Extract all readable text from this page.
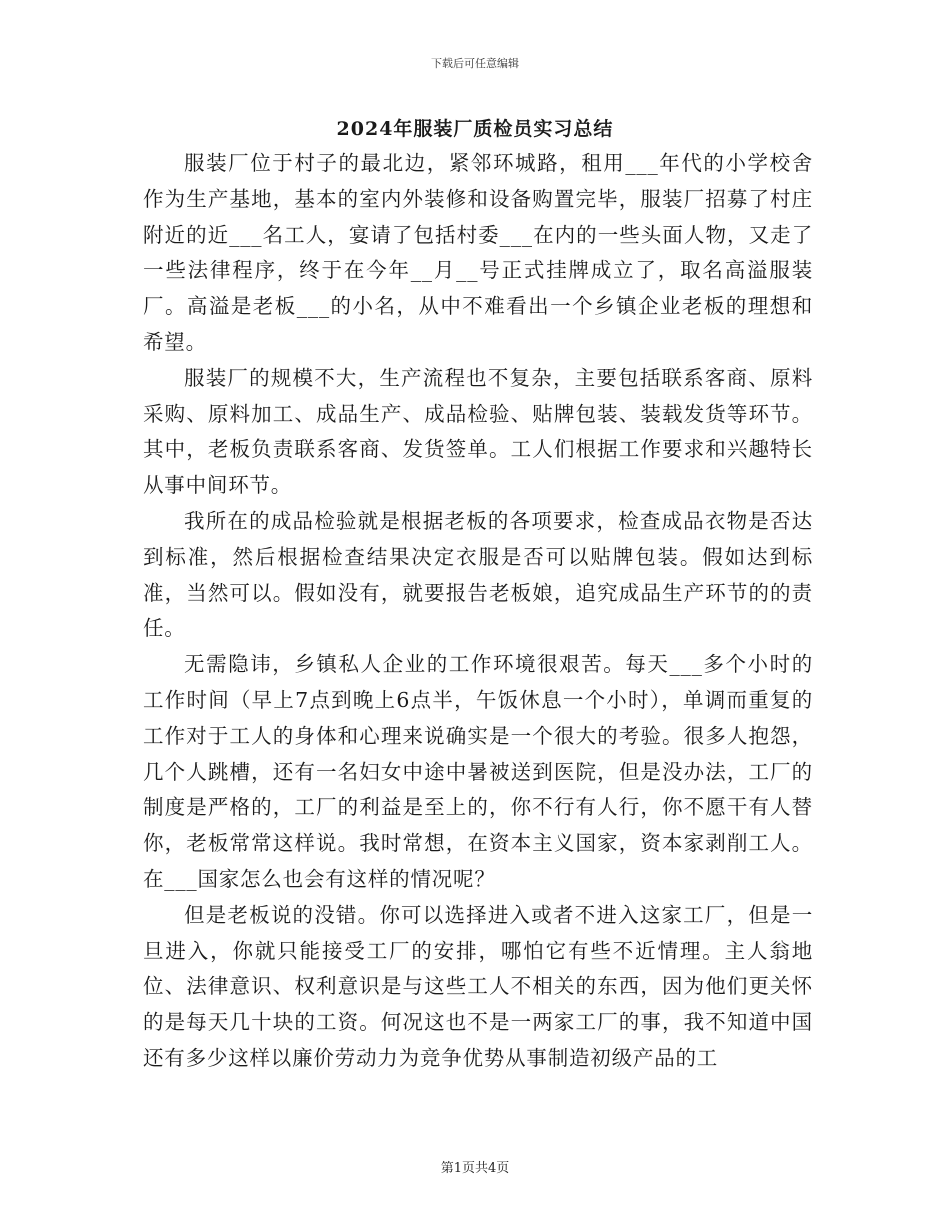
下载后可任意编辑
2024年服装厂质检员实习总结

服装厂位于村子的最北边，紧邻环城路，租用___年代的小学校舍作为生产基地，基本的室内外装修和设备购置完毕，服装厂招募了村庄附近的近___名工人，宴请了包括村委___在内的一些头面人物，又走了一些法律程序，终于在今年__月__号正式挂牌成立了，取名高溢服装厂。高溢是老板___的小名，从中不难看出一个乡镇企业老板的理想和希望。

服装厂的规模不大，生产流程也不复杂，主要包括联系客商、原料采购、原料加工、成品生产、成品检验、贴牌包装、装载发货等环节。其中，老板负责联系客商、发货签单。工人们根据工作要求和兴趣特长从事中间环节。

我所在的成品检验就是根据老板的各项要求，检查成品衣物是否达到标准，然后根据检查结果决定衣服是否可以贴牌包装。假如达到标准，当然可以。假如没有，就要报告老板娘，追究成品生产环节的的责任。

无需隐讳，乡镇私人企业的工作环境很艰苦。每天___多个小时的工作时间（早上7点到晚上6点半，午饭休息一个小时），单调而重复的工作对于工人的身体和心理来说确实是一个很大的考验。很多人抱怨，几个人跳槽，还有一名妇女中途中暑被送到医院，但是没办法，工厂的制度是严格的，工厂的利益是至上的，你不行有人行，你不愿干有人替你，老板常常这样说。我时常想，在资本主义国家，资本家剥削工人。在___国家怎么也会有这样的情况呢？

但是老板说的没错。你可以选择进入或者不进入这家工厂，但是一旦进入，你就只能接受工厂的安排，哪怕它有些不近情理。主人翁地位、法律意识、权利意识是与这些工人不相关的东西，因为他们更关怀的是每天几十块的工资。何况这也不是一两家工厂的事，我不知道中国还有多少这样以廉价劳动力为竞争优势从事制造初级产品的工

第1页共4页
